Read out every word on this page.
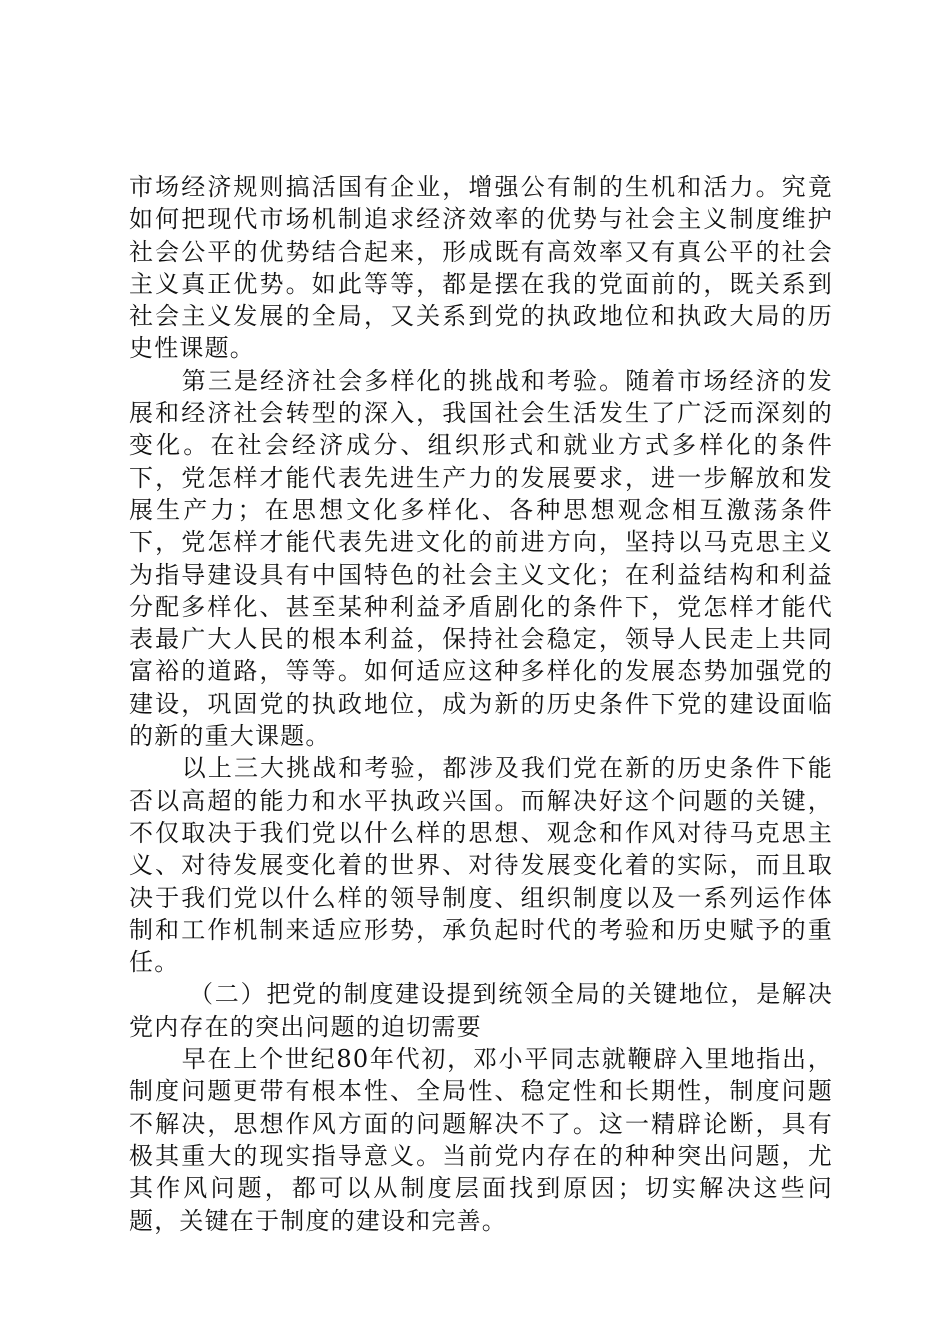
市场经济规则搞活国有企业，增强公有制的生机和活力。究竟如何把现代市场机制追求经济效率的优势与社会主义制度维护社会公平的优势结合起来，形成既有高效率又有真公平的社会主义真正优势。如此等等，都是摆在我的党面前的，既关系到社会主义发展的全局，又关系到党的执政地位和执政大局的历史性课题。

第三是经济社会多样化的挑战和考验。随着市场经济的发展和经济社会转型的深入，我国社会生活发生了广泛而深刻的变化。在社会经济成分、组织形式和就业方式多样化的条件下，党怎样才能代表先进生产力的发展要求，进一步解放和发展生产力；在思想文化多样化、各种思想观念相互激荡条件下，党怎样才能代表先进文化的前进方向，坚持以马克思主义为指导建设具有中国特色的社会主义文化；在利益结构和利益分配多样化、甚至某种利益矛盾剧化的条件下，党怎样才能代表最广大人民的根本利益，保持社会稳定，领导人民走上共同富裕的道路，等等。如何适应这种多样化的发展态势加强党的建设，巩固党的执政地位，成为新的历史条件下党的建设面临的新的重大课题。

以上三大挑战和考验，都涉及我们党在新的历史条件下能否以高超的能力和水平执政兴国。而解决好这个问题的关键，不仅取决于我们党以什么样的思想、观念和作风对待马克思主义、对待发展变化着的世界、对待发展变化着的实际，而且取决于我们党以什么样的领导制度、组织制度以及一系列运作体制和工作机制来适应形势，承负起时代的考验和历史赋予的重任。

（二）把党的制度建设提到统领全局的关键地位，是解决党内存在的突出问题的迫切需要

早在上个世纪80年代初，邓小平同志就鞭辟入里地指出，制度问题更带有根本性、全局性、稳定性和长期性，制度问题不解决，思想作风方面的问题解决不了。这一精辟论断，具有极其重大的现实指导意义。当前党内存在的种种突出问题，尤其作风问题，都可以从制度层面找到原因；切实解决这些问题，关键在于制度的建设和完善。
